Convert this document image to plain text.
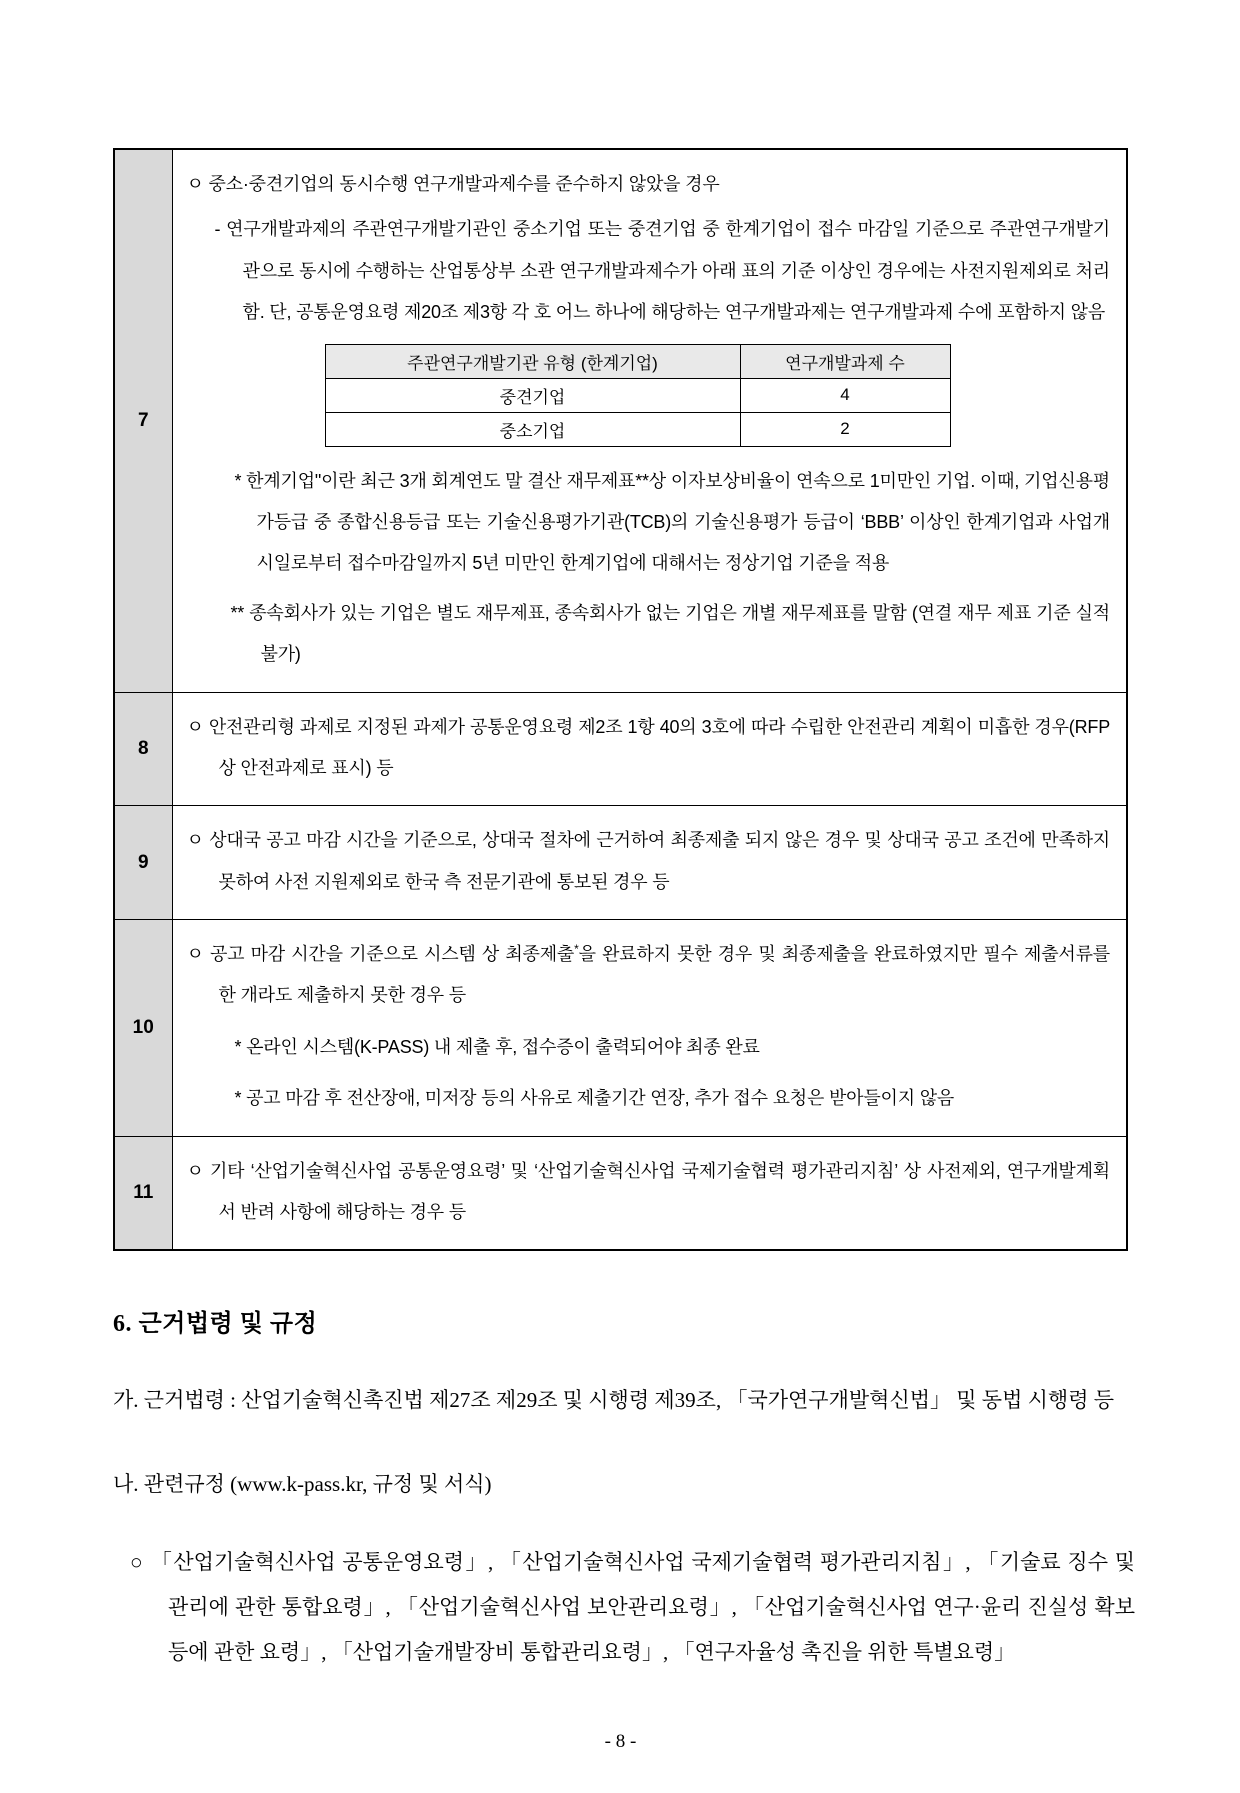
7	
ㅇ 중소·중견기업의 동시수행 연구개발과제수를 준수하지 않았을 경우
- 연구개발과제의 주관연구개발기관인 중소기업 또는 중견기업 중 한계기업이 접수 마감일 기준으로 주관연구개발기관으로 동시에 수행하는 산업통상부 소관 연구개발과제수가 아래 표의 기준 이상인 경우에는 사전지원제외로 처리함. 단, 공통운영요령 제20조 제3항 각 호 어느 하나에 해당하는 연구개발과제는 연구개발과제 수에 포함하지 않음
주관연구개발기관 유형 (한계기업)	연구개발과제 수
중견기업	4
중소기업	2
* 한계기업"이란 최근 3개 회계연도 말 결산 재무제표**상 이자보상비율이 연속으로 1미만인 기업. 이때, 기업신용평가등급 중 종합신용등급 또는 기술신용평가기관(TCB)의 기술신용평가 등급이 ‘BBB’ 이상인 한계기업과 사업개시일로부터 접수마감일까지 5년 미만인 한계기업에 대해서는 정상기업 기준을 적용
** 종속회사가 있는 기업은 별도 재무제표, 종속회사가 없는 기업은 개별 재무제표를 말함 (연결 재무 제표 기준 실적 불가)

8	
ㅇ 안전관리형 과제로 지정된 과제가 공통운영요령 제2조 1항 40의 3호에 따라 수립한 안전관리 계획이 미흡한 경우(RFP상 안전과제로 표시) 등

9	
ㅇ 상대국 공고 마감 시간을 기준으로, 상대국 절차에 근거하여 최종제출 되지 않은 경우 및 상대국 공고 조건에 만족하지 못하여 사전 지원제외로 한국 측 전문기관에 통보된 경우 등

10	
ㅇ 공고 마감 시간을 기준으로 시스템 상 최종제출*을 완료하지 못한 경우 및 최종제출을 완료하였지만 필수 제출서류를 한 개라도 제출하지 못한 경우 등
* 온라인 시스템(K-PASS) 내 제출 후, 접수증이 출력되어야 최종 완료
* 공고 마감 후 전산장애, 미저장 등의 사유로 제출기간 연장, 추가 접수 요청은 받아들이지 않음

11	
ㅇ 기타 ‘산업기술혁신사업 공통운영요령’ 및 ‘산업기술혁신사업 국제기술협력 평가관리지침’ 상 사전제외, 연구개발계획서 반려 사항에 해당하는 경우 등
6. 근거법령 및 규정
가. 근거법령 : 산업기술혁신촉진법 제27조 제29조 및 시행령 제39조, 「국가연구개발혁신법」 및 동법 시행령 등
나. 관련규정 (www.k-pass.kr, 규정 및 서식)
○ 「산업기술혁신사업 공통운영요령」, 「산업기술혁신사업 국제기술협력 평가관리지침」, 「기술료 징수 및 관리에 관한 통합요령」, 「산업기술혁신사업 보안관리요령」, 「산업기술혁신사업 연구·윤리 진실성 확보 등에 관한 요령」, 「산업기술개발장비 통합관리요령」, 「연구자율성 촉진을 위한 특별요령」
- 8 -
